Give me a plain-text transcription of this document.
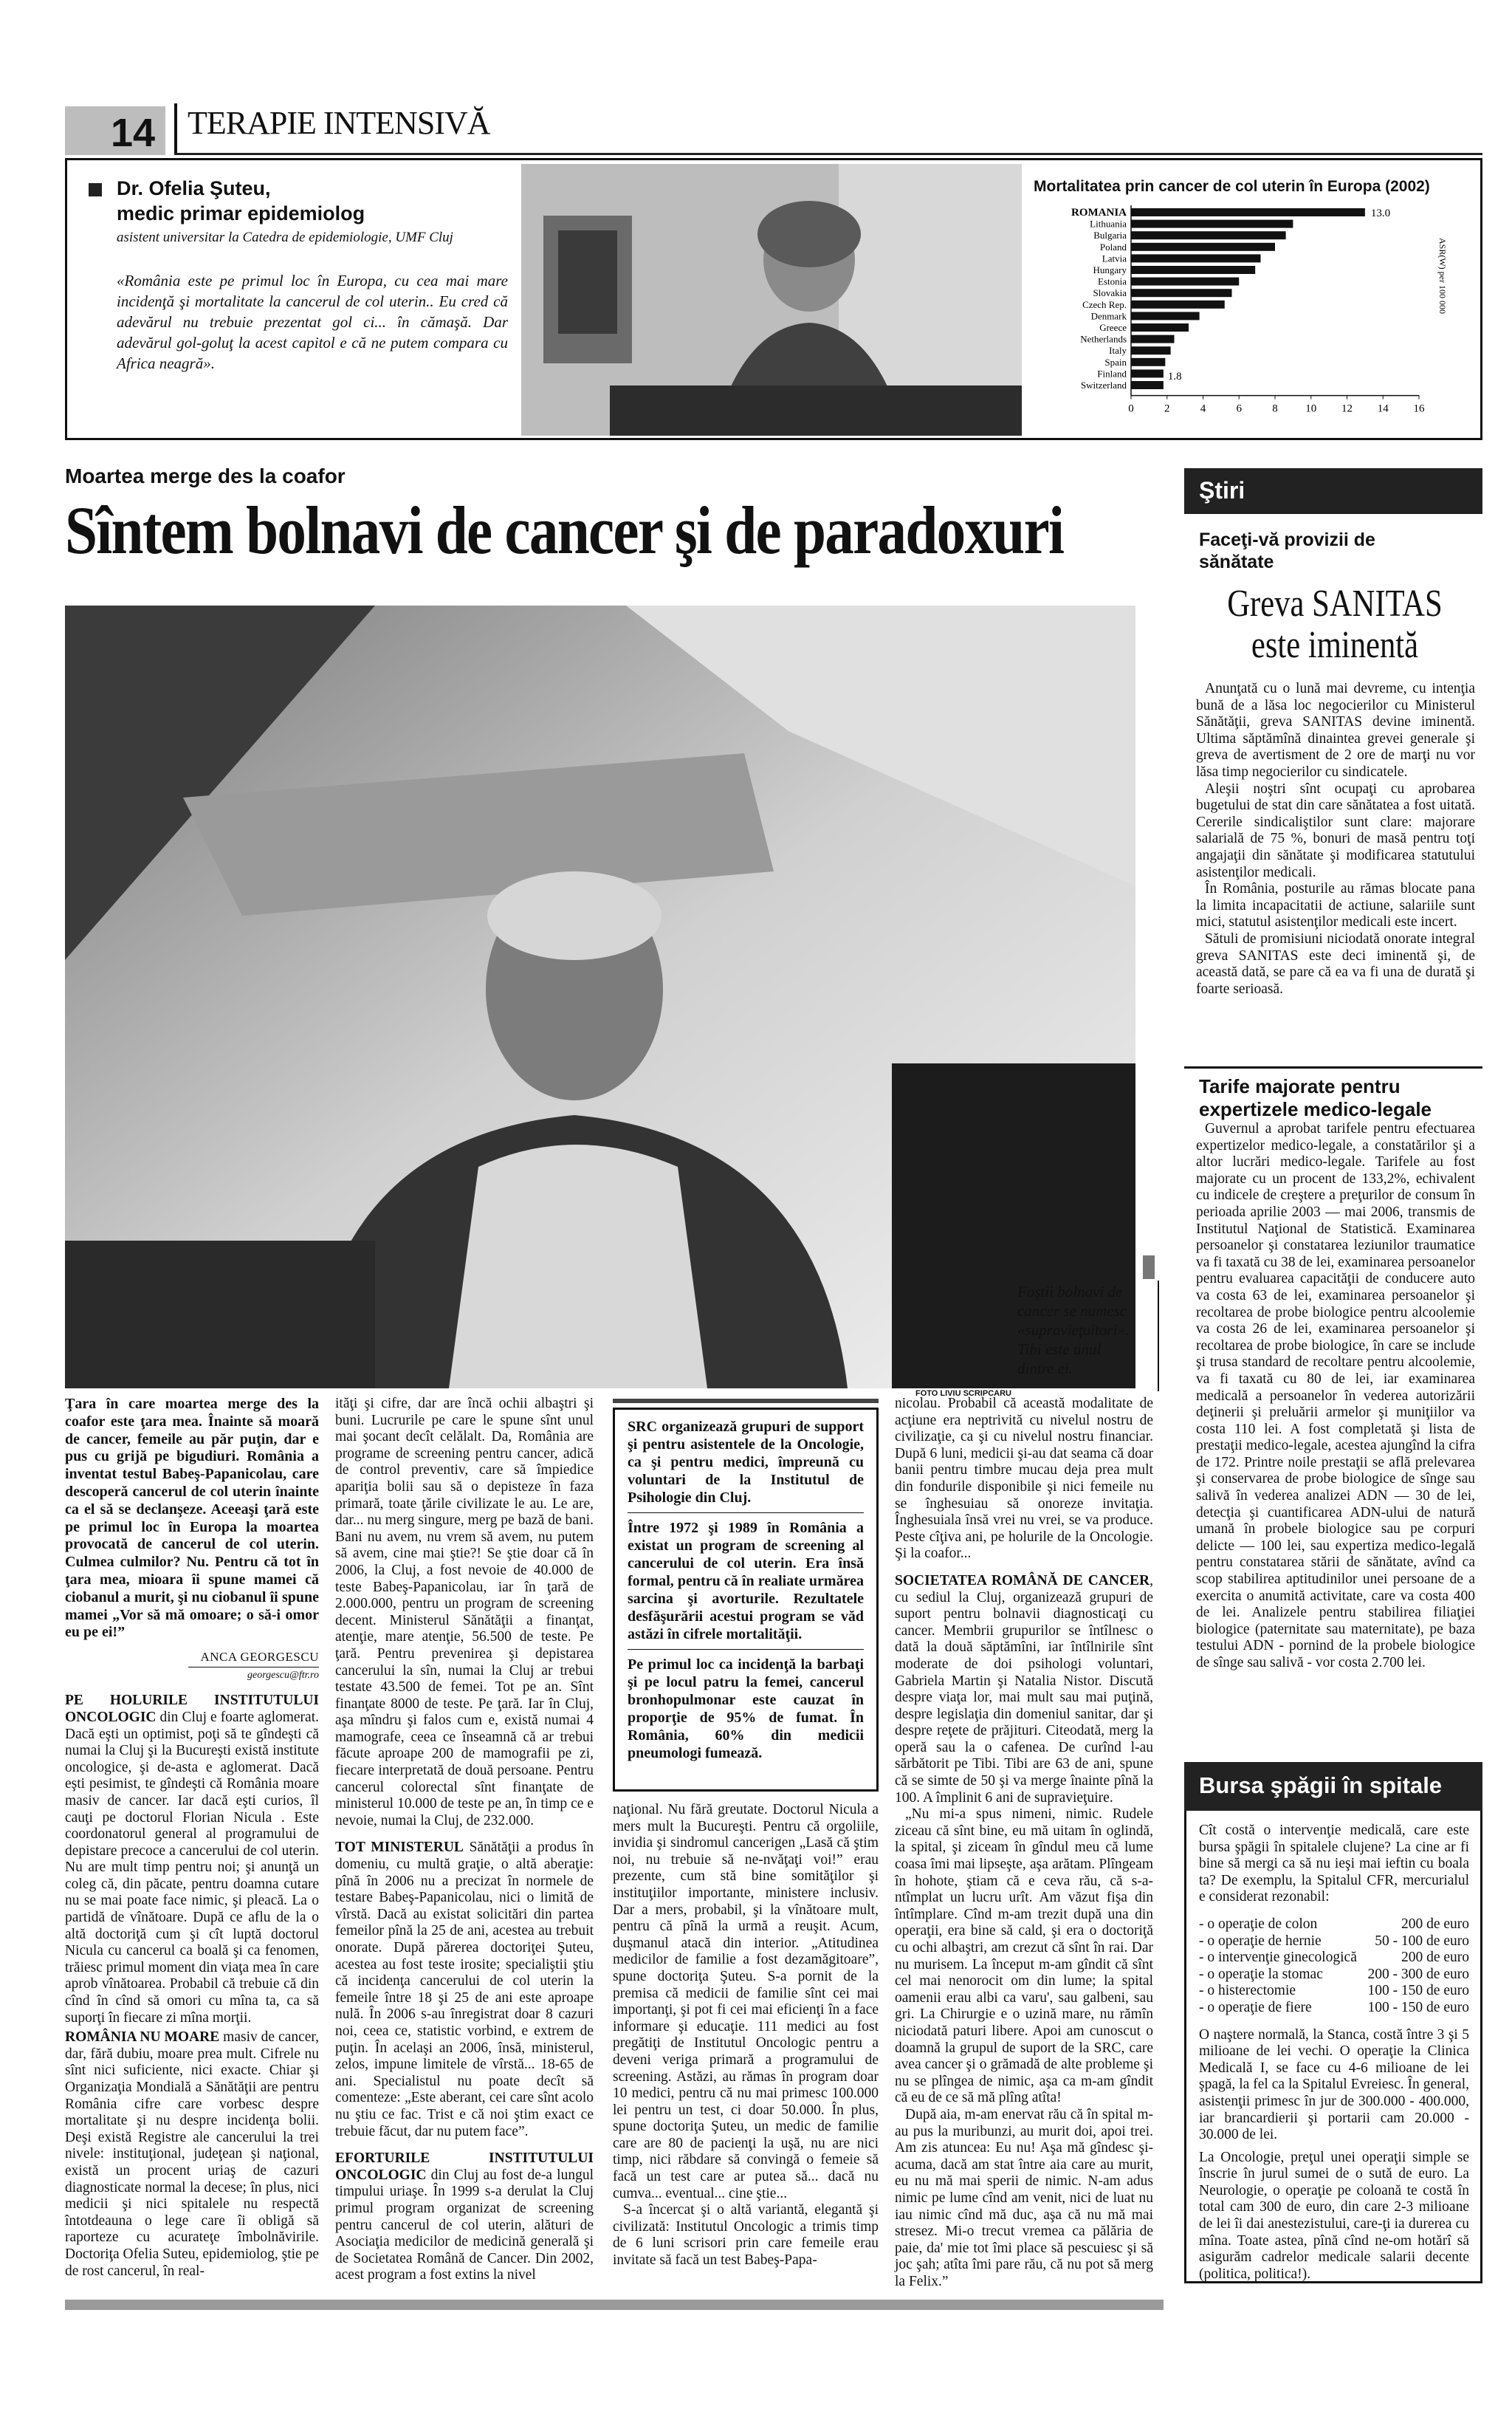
14 TERAPIE INTENSIVĂ
Dr. Ofelia Şuteu,
medic primar epidemiolog
asistent universitar la Catedra de epidemiologie, UMF Cluj
«România este pe primul loc în Europa, cu cea mai mare incidenţă şi mortalitate la cancerul de col uterin.. Eu cred că adevărul nu trebuie prezentat gol ci... în cămaşă. Dar adevărul gol-goluţ la acest capitol e că ne putem compara cu Africa neagră».
Mortalitatea prin cancer de col uterin în Europa (2002)
ROMANIA
Lithuania
Bulgaria
Poland
Latvia
Hungary
Estonia
Slovakia
Czech Rep.
Denmark
Greece
Netherlands
Italy
Spain
Finland
Switzerland
13.0
1.8
0	2	4	6	8	10 12 14 16
ASR(W) per 100 000
Moartea merge des la coafor
Sîntem bolnavi de cancer şi de paradoxuri
Foştii bolnavi de cancer se numesc «supravieţuitori». Tibi este unul dintre ei.
FOTO LIVIU SCRIPCARU

Ţara în care moartea merge des la coafor este ţara mea. Înainte să moară de cancer, femeile au păr puţin, dar e pus cu grijă pe bigudiuri. România a inventat testul Babeş-Papanicolau, care descoperă cancerul de col uterin înainte ca el să se declanşeze. Aceeaşi ţară este pe primul loc în Europa la moartea provocată de cancerul de col uterin. Culmea culmilor? Nu. Pentru că tot în ţara mea, mioara îi spune mamei că ciobanul a murit, şi nu ciobanul îi spune mamei „Vor să mă omoare; o să-i omor eu pe ei!”

ANCA GEORGESCU
georgescu@ftr.ro

PE HOLURILE INSTITUTULUI ONCOLOGIC din Cluj e foarte aglomerat. Dacă eşti un optimist, poţi să te gîndeşti că numai la Cluj şi la Bucureşti există institute oncologice, şi de-asta e aglomerat. Dacă eşti pesimist, te gîndeşti că România moare masiv de cancer. Iar dacă eşti curios, îl cauţi pe doctorul Florian Nicula . Este coordonatorul general al programului de depistare precoce a cancerului de col uterin. Nu are mult timp pentru noi; şi anunţă un coleg că, din păcate, pentru doamna cutare nu se mai poate face nimic, şi pleacă. La o partidă de vînătoare. După ce aflu de la o altă doctoriţă cum şi cît luptă doctorul Nicula cu cancerul ca boală şi ca fenomen, trăiesc primul moment din viaţa mea în care aprob vînătoarea. Probabil că trebuie că din cînd în cînd să omori cu mîna ta, ca să suporţi în fiecare zi mîna morţii.

ROMÂNIA NU MOARE masiv de cancer, dar, fără dubiu, moare prea mult. Cifrele nu sînt nici suficiente, nici exacte. Chiar şi Organizaţia Mondială a Sănătăţii are pentru România cifre care vorbesc despre mortalitate şi nu despre incidenţa bolii. Deşi există Registre ale cancerului la trei nivele: instituţional, judeţean şi naţional, există un procent uriaş de cazuri diagnosticate normal la decese; în plus, nici medicii şi nici spitalele nu respectă întotdeauna o lege care îi obligă să raporteze cu acurateţe îmbolnăvirile. Doctoriţa Ofelia Suteu, epidemiolog, ştie pe de rost cancerul, în real-

ităţi şi cifre, dar are încă ochii albaştri şi buni. Lucrurile pe care le spune sînt unul mai şocant decît celălalt. Da, România are programe de screening pentru cancer, adică de control preventiv, care să împiedice apariţia bolii sau să o depisteze în faza primară, toate ţările civilizate le au. Le are, dar... nu merg singure, merg pe bază de bani. Bani nu avem, nu vrem să avem, nu putem să avem, cine mai ştie?! Se ştie doar că în 2006, la Cluj, a fost nevoie de 40.000 de teste Babeş-Papanicolau, iar în ţară de 2.000.000, pentru un program de screening decent. Ministerul Sănătăţii a finanţat, atenţie, mare atenţie, 56.500 de teste. Pe ţară. Pentru prevenirea şi depistarea cancerului la sîn, numai la Cluj ar trebui testate 43.500 de femei. Tot pe an. Sînt finanţate 8000 de teste. Pe ţară. Iar în Cluj, aşa mîndru şi falos cum e, există numai 4 mamografe, ceea ce înseamnă că ar trebui făcute aproape 200 de mamografii pe zi, fiecare interpretată de două persoane. Pentru cancerul colorectal sînt finanţate de ministerul 10.000 de teste pe an, în timp ce e nevoie, numai la Cluj, de 232.000.

TOT MINISTERUL Sănătăţii a produs în domeniu, cu multă graţie, o altă aberaţie: pînă în 2006 nu a precizat în normele de testare Babeş-Papanicolau, nici o limită de vîrstă. Dacă au existat solicitări din partea femeilor pînă la 25 de ani, acestea au trebuit onorate. După părerea doctoriţei Şuteu, acestea au fost teste irosite; specialiştii ştiu că incidenţa cancerului de col uterin la femeile între 18 şi 25 de ani este aproape nulă. În 2006 s-au înregistrat doar 8 cazuri noi, ceea ce, statistic vorbind, e extrem de puţin. În acelaşi an 2006, însă, ministerul, zelos, impune limitele de vîrstă... 18-65 de ani. Specialistul nu poate decît să comenteze: „Este aberant, cei care sînt acolo nu ştiu ce fac. Trist e că noi ştim exact ce trebuie făcut, dar nu putem face”.

EFORTURILE INSTITUTULUI ONCOLOGIC din Cluj au fost de-a lungul timpului uriaşe. În 1999 s-a derulat la Cluj primul program organizat de screening pentru cancerul de col uterin, alături de Asociaţia medicilor de medicină generală şi de Societatea Română de Cancer. Din 2002, acest program a fost extins la nivel

SRC organizează grupuri de support şi pentru asistentele de la Oncologie, ca şi pentru medici, împreună cu voluntari de la Institutul de Psihologie din Cluj.

Între 1972 şi 1989 în România a existat un program de screening al cancerului de col uterin. Era însă formal, pentru că în realiate urmărea sarcina şi avorturile. Rezultatele desfăşurării acestui program se văd astăzi în cifrele mortalităţii.

Pe primul loc ca incidenţă la barbaţi şi pe locul patru la femei, cancerul bronhopulmonar este cauzat în proporţie de 95% de fumat. În România, 60% din medicii pneumologi fumează.

naţional. Nu fără greutate. Doctorul Nicula a mers mult la Bucureşti. Pentru că orgoliile, invidia şi sindromul cancerigen „Lasă că ştim noi, nu trebuie să ne-nvăţaţi voi!” erau prezente, cum stă bine somităţilor şi instituţiilor importante, ministere inclusiv. Dar a mers, probabil, şi la vînătoare mult, pentru că pînă la urmă a reuşit. Acum, duşmanul atacă din interior. „Atitudinea medicilor de familie a fost dezamăgitoare”, spune doctoriţa Şuteu. S-a pornit de la premisa că medicii de familie sînt cei mai importanţi, şi pot fi cei mai eficienţi în a face informare şi educaţie. 111 medici au fost pregătiţi de Institutul Oncologic pentru a deveni veriga primară a programului de screening. Astăzi, au rămas în program doar 10 medici, pentru că nu mai primesc 100.000 lei pentru un test, ci doar 50.000. În plus, spune doctoriţa Şuteu, un medic de familie care are 80 de pacienţi la uşă, nu are nici timp, nici răbdare să convingă o femeie să facă un test care ar putea să... dacă nu cumva... eventual... cine ştie...

S-a încercat şi o altă variantă, elegantă şi civilizată: Institutul Oncologic a trimis timp de 6 luni scrisori prin care femeile erau invitate să facă un test Babeş-Papa-

nicolau. Probabil că această modalitate de acţiune era neptrivită cu nivelul nostru de civilizaţie, ca şi cu nivelul nostru financiar. După 6 luni, medicii şi-au dat seama că doar banii pentru timbre mucau deja prea mult din fondurile disponibile şi nici femeile nu se înghesuiau să onoreze invitaţia. Înghesuiala însă vrei nu vrei, se va produce. Peste cîţiva ani, pe holurile de la Oncologie. Şi la coafor...

SOCIETATEA ROMÂNĂ DE CANCER, cu sediul la Cluj, organizează grupuri de suport pentru bolnavii diagnosticaţi cu cancer. Membrii grupurilor se întîlnesc o dată la două săptămîni, iar întîlnirile sînt moderate de doi psihologi voluntari, Gabriela Martin şi Natalia Nistor. Discută despre viaţa lor, mai mult sau mai puţină, despre legislaţia din domeniul sanitar, dar şi despre reţete de prăjituri. Citeodată, merg la operă sau la o cafenea. De curînd l-au sărbătorit pe Tibi. Tibi are 63 de ani, spune că se simte de 50 şi va merge înainte pînă la 100. A împlinit 6 ani de supravieţuire.

„Nu mi-a spus nimeni, nimic. Rudele ziceau că sînt bine, eu mă uitam în oglindă, la spital, şi ziceam în gîndul meu că lume coasa îmi mai lipseşte, aşa arătam. Plîngeam în hohote, ştiam că e ceva rău, că s-a-ntîmplat un lucru urît. Am văzut fişa din întîmplare. Cînd m-am trezit după una din operaţii, era bine să cald, şi era o doctoriţă cu ochi albaştri, am crezut că sînt în rai. Dar nu murisem. La început m-am gîndit că sînt cel mai nenorocit om din lume; la spital oamenii erau albi ca varu', sau galbeni, sau gri. La Chirurgie e o uzină mare, nu rămîn niciodată paturi libere. Apoi am cunoscut o doamnă la grupul de suport de la SRC, care avea cancer şi o grămadă de alte probleme şi nu se plîngea de nimic, aşa ca m-am gîndit că eu de ce să mă plîng atîta!

După aia, m-am enervat rău că în spital m-au pus la muribunzi, au murit doi, apoi trei. Am zis atunceа: Eu nu! Aşa mă gîndesc şi-acuma, dacă am stat între aia care au murit, eu nu mă mai sperii de nimic. N-am adus nimic pe lume cînd am venit, nici de luat nu iau nimic cînd mă duc, aşa că nu mă mai stresez. Mi-o trecut vremea ca pălăria de paie, da' mie tot îmi place să pescuiesc şi să joc şah; atîta îmi pare rău, că nu pot să merg la Felix.”

Ştiri
Faceţi-vă provizii de sănătate
Greva SANITAS este iminentă

Anunţată cu o lună mai devreme, cu intenţia bună de a lăsa loc negocierilor cu Ministerul Sănătăţii, greva SANITAS devine iminentă. Ultima săptămînă dinaintea grevei generale şi greva de avertisment de 2 ore de marţi nu vor lăsa timp negocierilor cu sindicatele.

Aleşii noştri sînt ocupaţi cu aprobarea bugetului de stat din care sănătatea a fost uitată. Cererile sindicaliştilor sunt clare: majorare salarială de 75 %, bonuri de masă pentru toţi angajaţii din sănătate şi modificarea statutului asistenţilor medicali.

În România, posturile au rămas blocate pana la limita incapacitatii de actiune, salariile sunt mici, statutul asistenţilor medicali este incert.

Sătuli de promisiuni niciodată onorate integral greva SANITAS este deci iminentă şi, de această dată, se pare că ea va fi una de durată şi foarte serioasă.

Tarife majorate pentru expertizele medico-legale

Guvernul a aprobat tarifele pentru efectuarea expertizelor medico-legale, a constatărilor şi a altor lucrări medico-legale. Tarifele au fost majorate cu un procent de 133,2%, echivalent cu indicele de creştere a preţurilor de consum în perioada aprilie 2003 — mai 2006, transmis de Institutul Naţional de Statistică. Examinarea persoanelor şi constatarea leziunilor traumatice va fi taxată cu 38 de lei, examinarea persoanelor pentru evaluarea capacităţii de conducere auto va costa 63 de lei, examinarea persoanelor şi recoltarea de probe biologice pentru alcoolemie va costa 26 de lei, examinarea persoanelor şi recoltarea de probe biologice, în care se include şi trusa standard de recoltare pentru alcoolemie, va fi taxată cu 80 de lei, iar examinarea medicală a persoanelor în vederea autorizării deţinerii şi preluării armelor şi muniţiilor va costa 110 lei. A fost completată şi lista de prestaţii medico-legale, acestea ajungînd la cifra de 172. Printre noile prestaţii se află prelevarea şi conservarea de probe biologice de sînge sau salivă în vederea analizei ADN — 30 de lei, detecţia şi cuantificarea ADN-ului de natură umană în probele biologice sau pe corpuri delicte — 100 lei, sau expertiza medico-legală pentru constatarea stării de sănătate, avînd ca scop stabilirea aptitudinilor unei persoane de a exercita o anumită activitate, care va costa 400 de lei. Analizele pentru stabilirea filiaţiei biologice (paternitate sau maternitate), pe baza testului ADN - pornind de la probele biologice de sînge sau salivă - vor costa 2.700 lei.

Bursa şpăgii în spitale

Cît costă o intervenţie medicală, care este bursa şpăgii în spitalele clujene? La cine ar fi bine să mergi ca să nu ieşi mai ieftin cu boala ta? De exemplu, la Spitalul CFR, mercurialul e considerat rezonabil:

- o operaţie de colon	200 de euro
- o operaţie de hernie	50 - 100 de euro
- o intervenţie ginecologică	200 de euro
- o operaţie la stomac	200 - 300 de euro
- o histerectomie	100 - 150 de euro
- o operaţie de fiere	100 - 150 de euro

O naştere normală, la Stanca, costă între 3 şi 5 milioane de lei vechi. O operaţie la Clinica Medicală I, se face cu 4-6 milioane de lei şpagă, la fel ca la Spitalul Evreiesc. În general, asistenţii primesc în jur de 300.000 - 400.000, iar brancardierii şi portarii cam 20.000 - 30.000 de lei.

La Oncologie, preţul unei operaţii simple se înscrie în jurul sumei de o sută de euro. La Neurologie, o operaţie pe coloană te costă în total cam 300 de euro, din care 2-3 milioane de lei îi dai anestezistului, care-ţi ia durerea cu mîna. Toate astea, pînă cînd ne-om hotărî să asigurăm cadrelor medicale salarii decente (politica, politica!).
